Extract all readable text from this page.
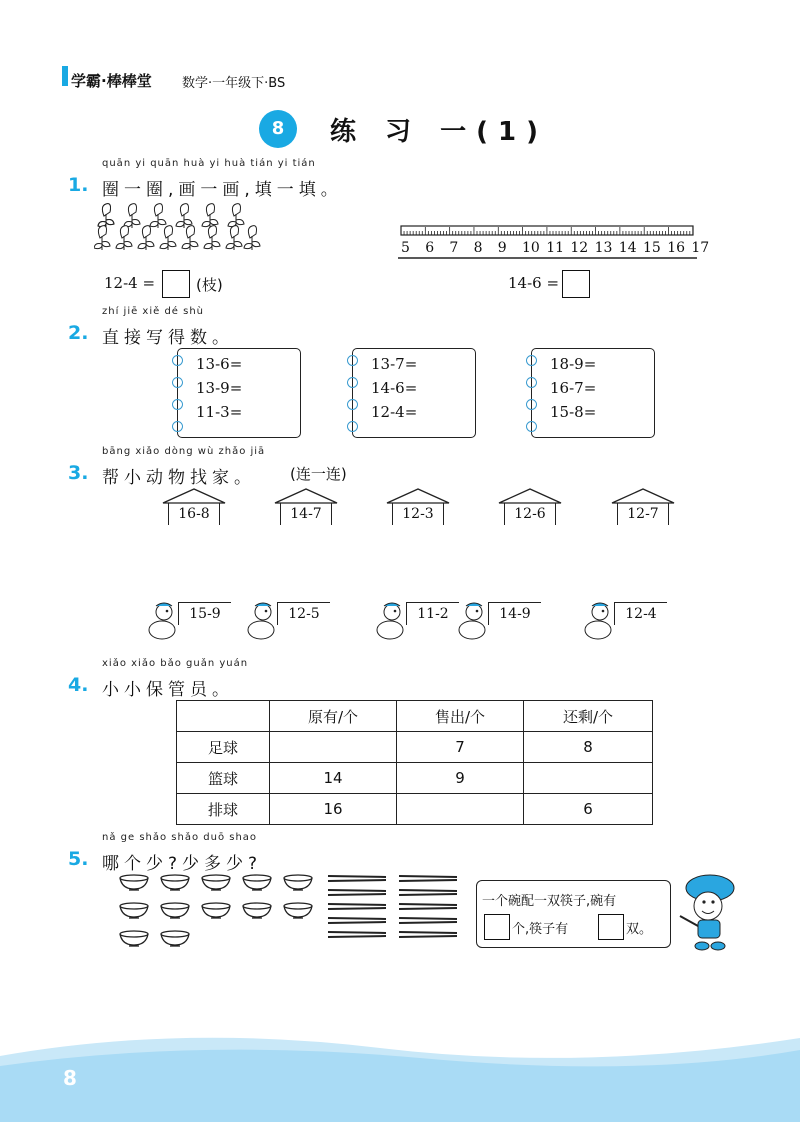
学霸·棒棒堂 数学·一年级下·BS
8	练 习 一(1)
quān yi quān huà yi huà tián yi tián
1. 圈一圈,画一画,填一填。
12-4 =	(枝)
5 6 7 8 9 10 11 12 13 14 15 16 17
14-6 =
zhí jiē xiě dé shù
2. 直接写得数。
13-6=
13-9=
11-3=
13-7=
14-6=
12-4=
18-9=
16-7=
15-8=
bāng xiǎo dòng wù zhǎo jiā
3. 帮小动物找家。 (连一连)
16-8	14-7	12-3	12-6	12-7
15-9	12-5	11-2	14-9	12-4
xiǎo xiǎo bǎo guǎn yuán
4. 小小保管员。
	原有/个	售出/个	还剩/个
足球		7	8
篮球	14	9	
排球	16		6
nǎ ge shǎo shǎo duō shao
5. 哪个少?少多少?
一个碗配一双筷子,碗有
个,筷子有	双。
8
